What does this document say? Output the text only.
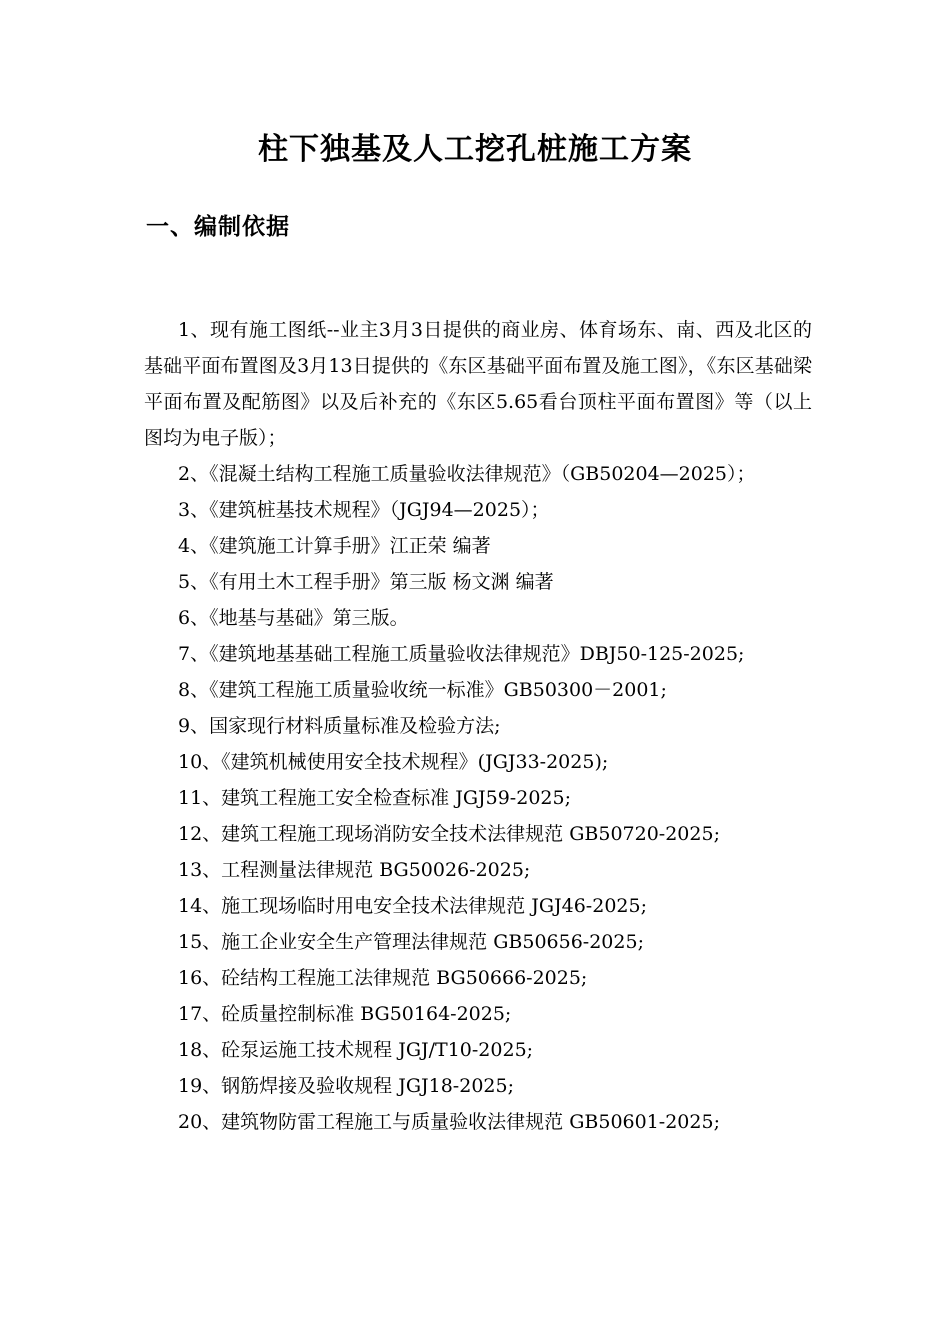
柱下独基及人工挖孔桩施工方案
一、编制依据
1、现有施工图纸--业主3月3日提供的商业房、体育场东、南、西及北区的基础平面布置图及3月13日提供的《东区基础平面布置及施工图》，《东区基础梁平面布置及配筋图》以及后补充的《东区5.65看台顶柱平面布置图》等（以上图均为电子版）；
2、《混凝土结构工程施工质量验收法律规范》（GB50204—2025）；
3、《建筑桩基技术规程》（JGJ94—2025）；
4、《建筑施工计算手册》江正荣 编著
5、《有用土木工程手册》第三版 杨文渊 编著
6、《地基与基础》第三版。
7、《建筑地基基础工程施工质量验收法律规范》DBJ50-125-2025;
8、《建筑工程施工质量验收统一标准》GB50300－2001;
9、国家现行材料质量标准及检验方法;
10、《建筑机械使用安全技术规程》(JGJ33-2025);
11、建筑工程施工安全检查标准 JGJ59-2025;
12、建筑工程施工现场消防安全技术法律规范 GB50720-2025;
13、工程测量法律规范 BG50026-2025;
14、施工现场临时用电安全技术法律规范 JGJ46-2025;
15、施工企业安全生产管理法律规范 GB50656-2025;
16、砼结构工程施工法律规范 BG50666-2025;
17、砼质量控制标准 BG50164-2025;
18、砼泵运施工技术规程 JGJ/T10-2025;
19、钢筋焊接及验收规程 JGJ18-2025;
20、建筑物防雷工程施工与质量验收法律规范 GB50601-2025;
